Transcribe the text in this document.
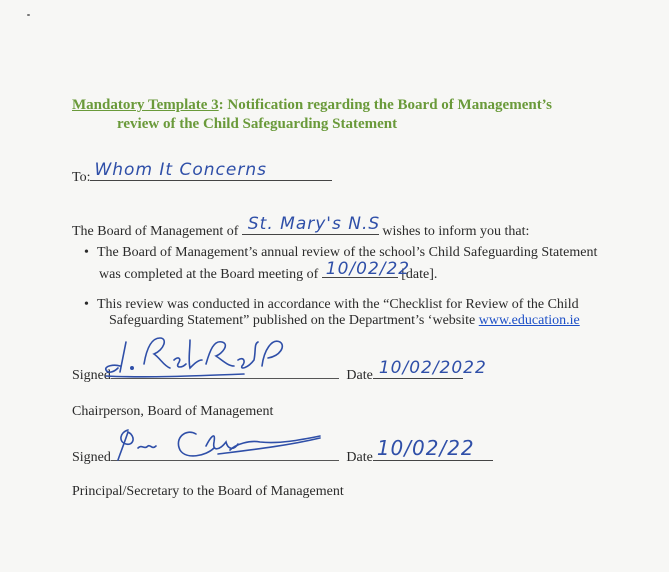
Mandatory Template 3: Notification regarding the Board of Management’s
review of the Child Safeguarding Statement
To: Whom It Concerns
The Board of Management of St. Mary's N.S wishes to inform you that:
• The Board of Management’s annual review of the school’s Child Safeguarding Statement
was completed at the Board meeting of 10/02/22
[date].
• This review was conducted in accordance with the “Checklist for Review of the Child
Safeguarding Statement” published on the Department’s ‘website www.education.ie
Signed	Date 10/02/2022
Chairperson, Board of Management
Signed	Date 10/02/22
Principal/Secretary to the Board of Management
